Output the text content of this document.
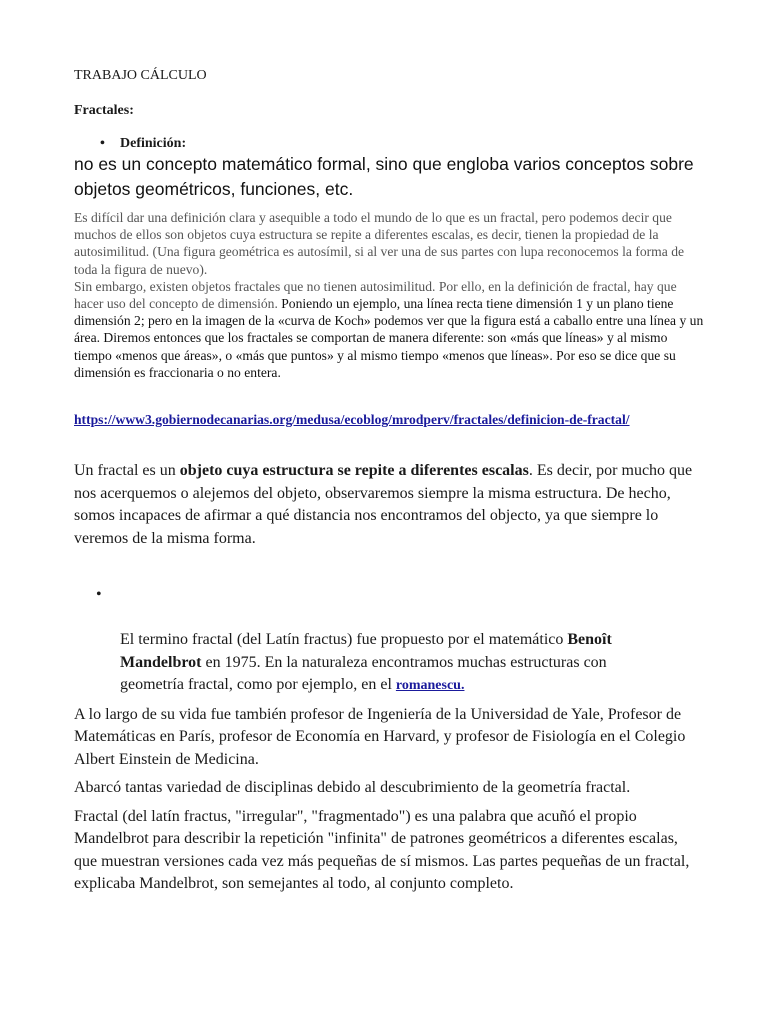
TRABAJO CÁLCULO

Fractales:

• Definición:

no es un concepto matemático formal, sino que engloba varios conceptos sobre objetos geométricos, funciones, etc.

Es difícil dar una definición clara y asequible a todo el mundo de lo que es un fractal, pero podemos decir que muchos de ellos son objetos cuya estructura se repite a diferentes escalas, es decir, tienen la propiedad de la autosimilitud. (Una figura geométrica es autosímil, si al ver una de sus partes con lupa reconocemos la forma de toda la figura de nuevo).
Sin embargo, existen objetos fractales que no tienen autosimilitud. Por ello, en la definición de fractal, hay que hacer uso del concepto de dimensión. Poniendo un ejemplo, una línea recta tiene dimensión 1 y un plano tiene dimensión 2; pero en la imagen de la «curva de Koch» podemos ver que la figura está a caballo entre una línea y un área. Diremos entonces que los fractales se comportan de manera diferente: son «más que líneas» y al mismo tiempo «menos que áreas», o «más que puntos» y al mismo tiempo «menos que líneas». Por eso se dice que su dimensión es fraccionaria o no entera.

https://www3.gobiernodecanarias.org/medusa/ecoblog/mrodperv/fractales/definicion-de-fractal/

Un fractal es un objeto cuya estructura se repite a diferentes escalas. Es decir, por mucho que nos acerquemos o alejemos del objeto, observaremos siempre la misma estructura. De hecho, somos incapaces de afirmar a qué distancia nos encontramos del objecto, ya que siempre lo veremos de la misma forma.

•

El termino fractal (del Latín fractus) fue propuesto por el matemático Benoît Mandelbrot en 1975. En la naturaleza encontramos muchas estructuras con geometría fractal, como por ejemplo, en el romanescu.

A lo largo de su vida fue también profesor de Ingeniería de la Universidad de Yale, Profesor de Matemáticas en París, profesor de Economía en Harvard, y profesor de Fisiología en el Colegio Albert Einstein de Medicina.

Abarcó tantas variedad de disciplinas debido al descubrimiento de la geometría fractal.

Fractal (del latín fractus, "irregular", "fragmentado") es una palabra que acuñó el propio Mandelbrot para describir la repetición "infinita" de patrones geométricos a diferentes escalas, que muestran versiones cada vez más pequeñas de sí mismos. Las partes pequeñas de un fractal, explicaba Mandelbrot, son semejantes al todo, al conjunto completo.
